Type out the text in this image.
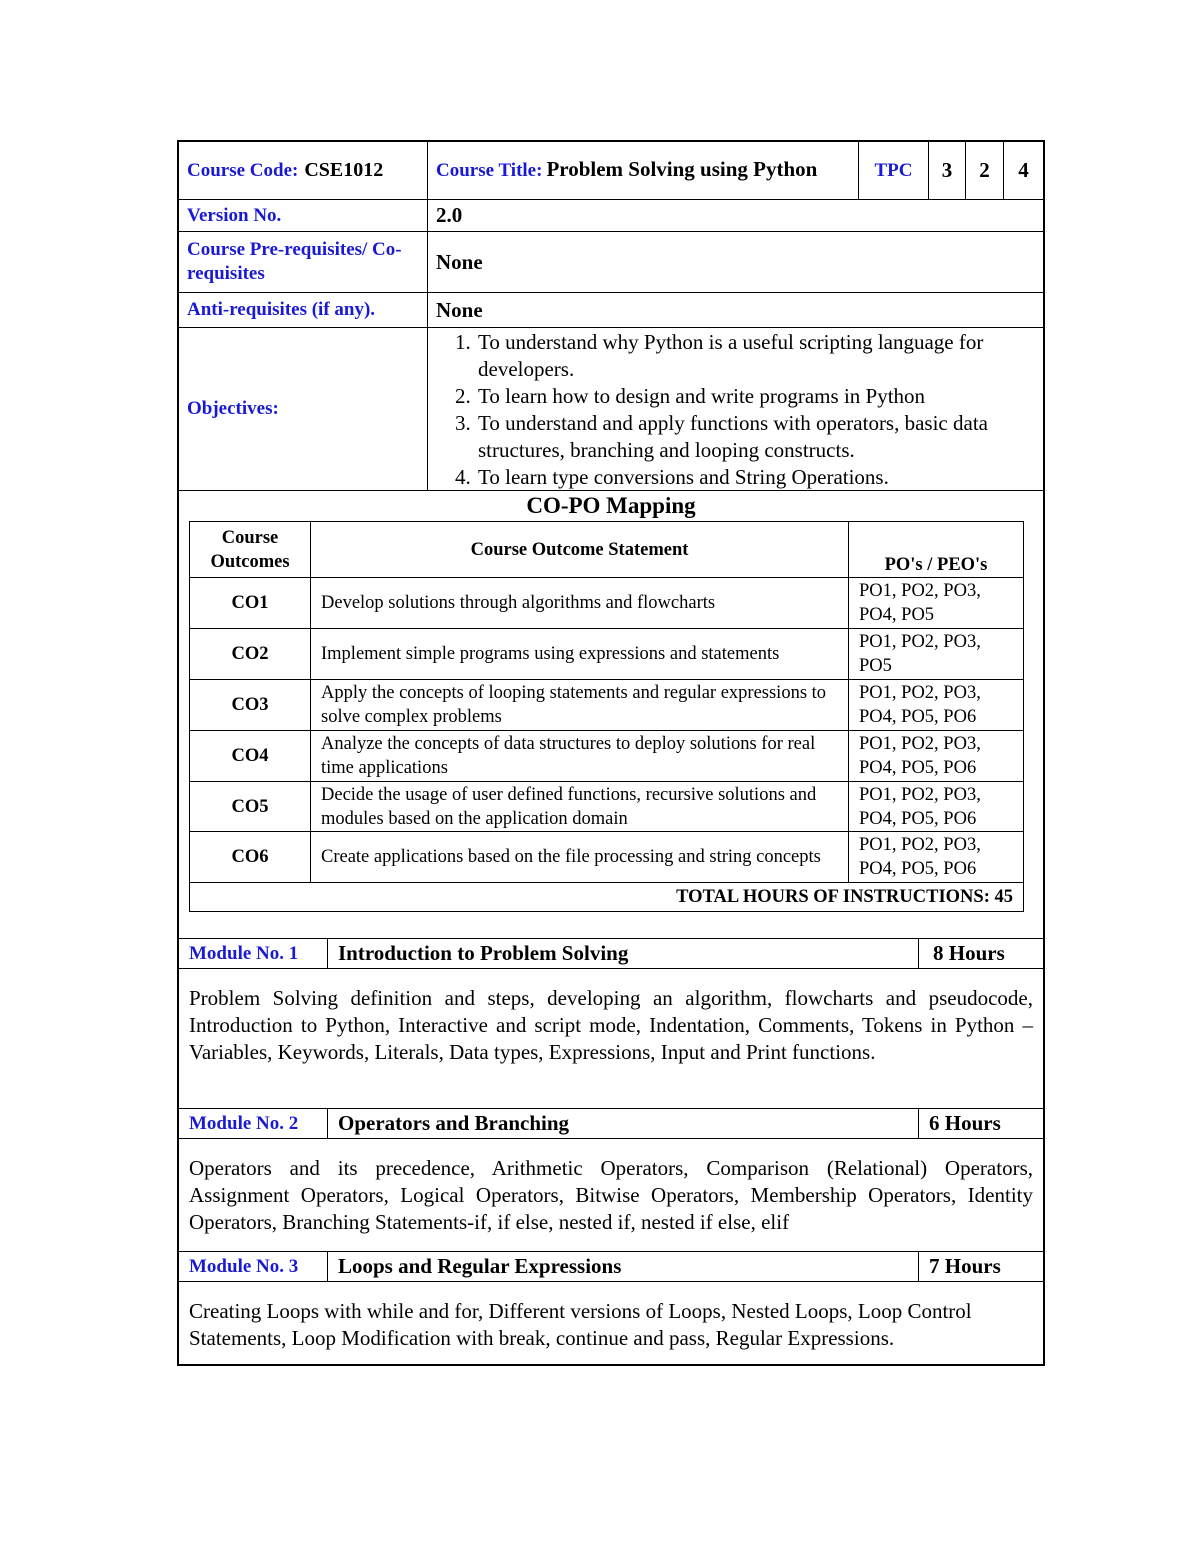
Course Code: CSE1012	Course Title: Problem Solving using Python	TPC 3 2 4
Version No.	2.0
Course Pre-requisites/ Co-requisites	None
Anti-requisites (if any).	None
Objectives:
1. To understand why Python is a useful scripting language for developers.
2. To learn how to design and write programs in Python
3. To understand and apply functions with operators, basic data structures, branching and looping constructs.
4. To learn type conversions and String Operations.
CO-PO Mapping
Course Outcomes	Course Outcome Statement	PO's / PEO's
CO1	Develop solutions through algorithms and flowcharts	PO1, PO2, PO3, PO4, PO5
CO2	Implement simple programs using expressions and statements	PO1, PO2, PO3, PO5
CO3	Apply the concepts of looping statements and regular expressions to solve complex problems	PO1, PO2, PO3, PO4, PO5, PO6
CO4	Analyze the concepts of data structures to deploy solutions for real time applications	PO1, PO2, PO3, PO4, PO5, PO6
CO5	Decide the usage of user defined functions, recursive solutions and modules based on the application domain	PO1, PO2, PO3, PO4, PO5, PO6
CO6	Create applications based on the file processing and string concepts	PO1, PO2, PO3, PO4, PO5, PO6
TOTAL HOURS OF INSTRUCTIONS: 45		
Module No. 1 Introduction to Problem Solving	8 Hours
Problem Solving definition and steps, developing an algorithm, flowcharts and pseudocode, Introduction to Python, Interactive and script mode, Indentation, Comments, Tokens in Python – Variables, Keywords, Literals, Data types, Expressions, Input and Print functions.
Module No. 2 Operators and Branching	6 Hours
Operators and its precedence, Arithmetic Operators, Comparison (Relational) Operators, Assignment Operators, Logical Operators, Bitwise Operators, Membership Operators, Identity Operators, Branching Statements-if, if else, nested if, nested if else, elif
Module No. 3 Loops and Regular Expressions	7 Hours
Creating Loops with while and for, Different versions of Loops, Nested Loops, Loop Control Statements, Loop Modification with break, continue and pass, Regular Expressions.
